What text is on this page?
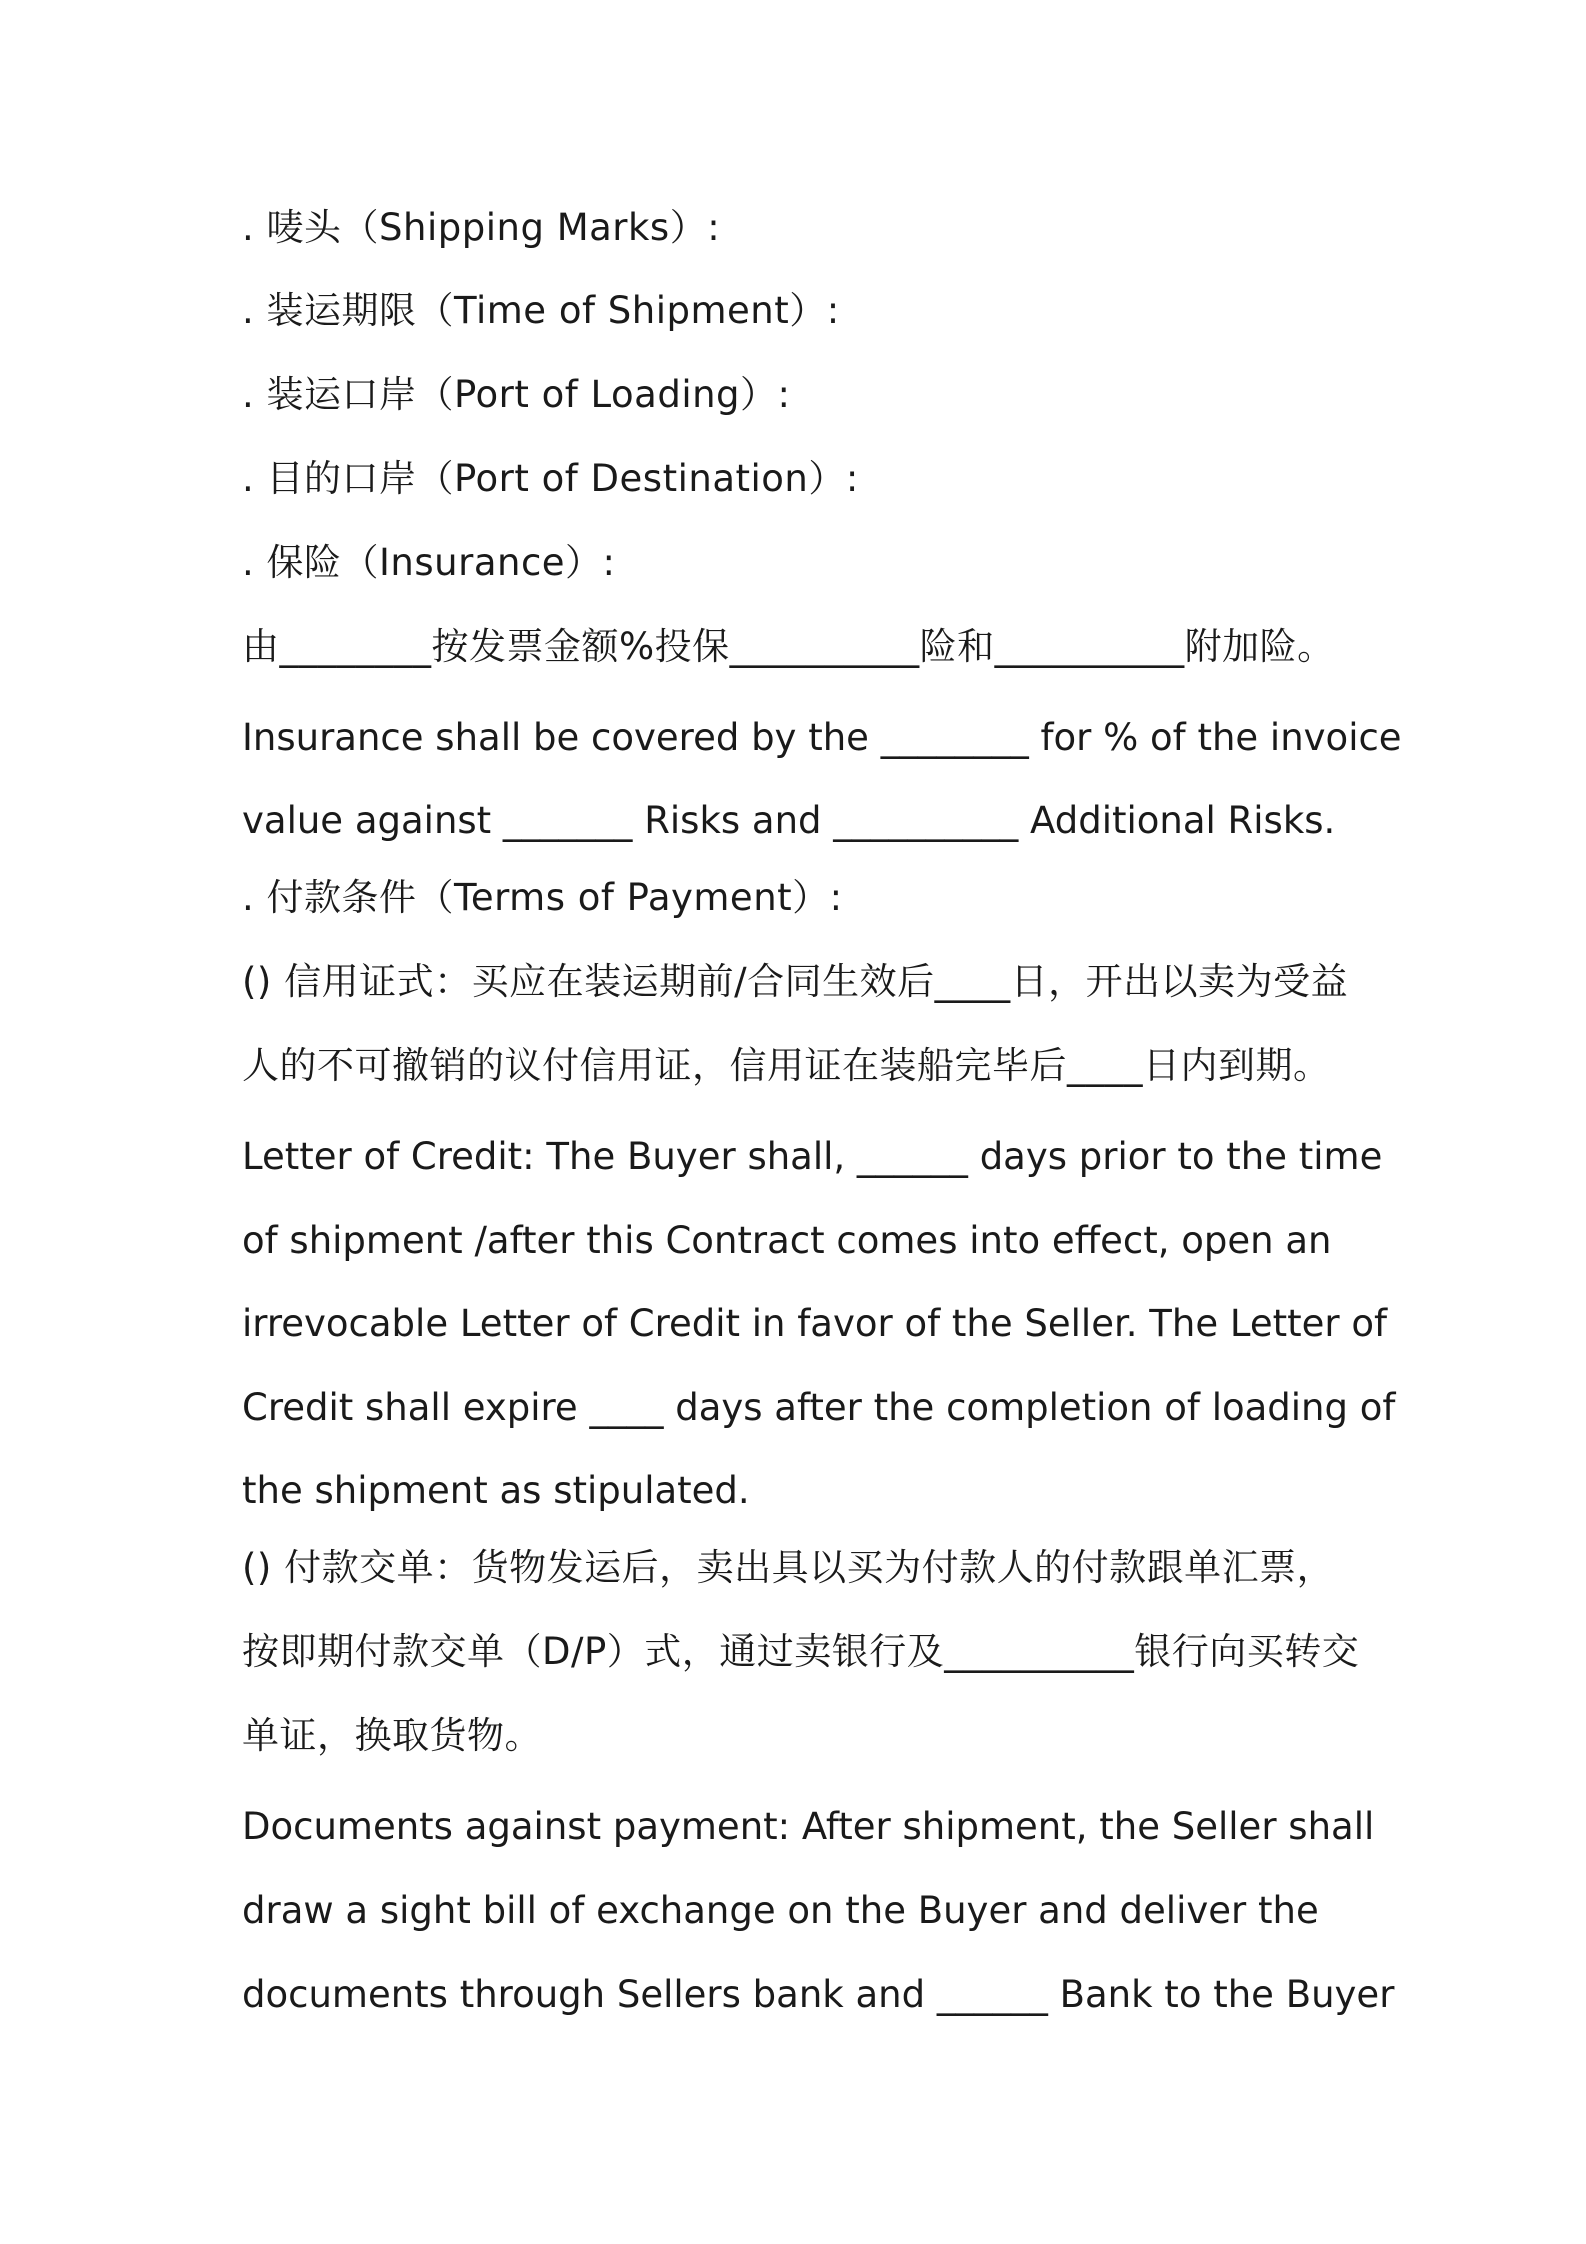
. 唛头（Shipping Marks）:
. 装运期限（Time of Shipment）:
. 装运口岸（Port of Loading）:
. 目的口岸（Port of Destination）:
. 保险（Insurance）:
由________按发票金额%投保__________险和__________附加险。
Insurance shall be covered by the ________ for % of the invoice
value against _______ Risks and __________ Additional Risks.
. 付款条件（Terms of Payment）:
() 信用证式：买应在装运期前/合同生效后____日，开出以卖为受益
人的不可撤销的议付信用证，信用证在装船完毕后____日内到期。
Letter of Credit: The Buyer shall, ______ days prior to the time
of shipment /after this Contract comes into effect, open an
irrevocable Letter of Credit in favor of the Seller. The Letter of
Credit shall expire ____ days after the completion of loading of
the shipment as stipulated.
() 付款交单：货物发运后，卖出具以买为付款人的付款跟单汇票，
按即期付款交单（D/P）式，通过卖银行及__________银行向买转交
单证，换取货物。
Documents against payment: After shipment, the Seller shall
draw a sight bill of exchange on the Buyer and deliver the
documents through Sellers bank and ______ Bank to the Buyer
